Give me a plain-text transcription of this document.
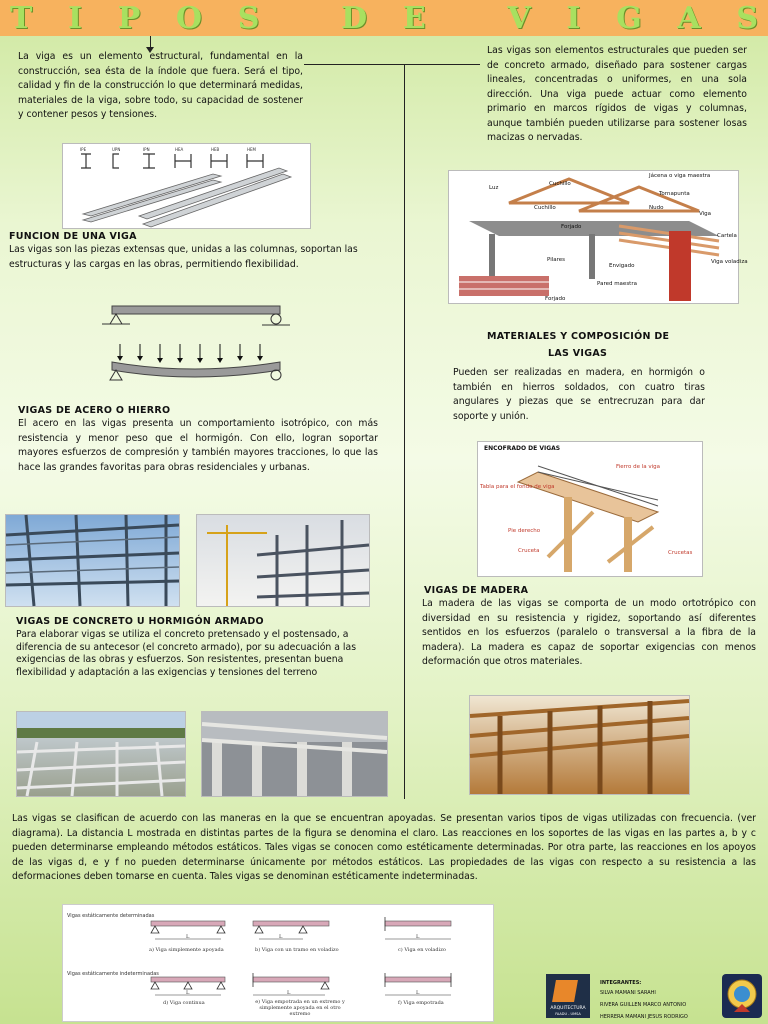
T I P O S
	D E
	V I G A S
La viga es un elemento estructural, fundamental en la construcción, sea ésta de la índole que fuera. Será el tipo, calidad y fin de la construcción lo que determinará medidas, materiales de la viga, sobre todo, su capacidad de sostener y contener pesos y tensiones.
Las vigas son elementos estructurales que pueden ser de concreto armado, diseñado para sostener cargas lineales, concentradas o uniformes, en una sola dirección. Una viga puede actuar como elemento primario en marcos rígidos de vigas y columnas, aunque también pueden utilizarse para sostener losas macizas o nervadas.
IPE	UPN	IPN	HEA	HEB	HEM
FUNCION DE UNA VIGA
Las vigas son las piezas extensas que, unidas a las columnas, soportan las estructuras y las cargas en las obras, permitiendo flexibilidad.
VIGAS DE ACERO O HIERRO
El acero en las vigas presenta un comportamiento isotrópico, con más resistencia y menor peso que el hormigón. Con ello, logran soportar mayores esfuerzos de compresión y también mayores tracciones, lo que las hace las grandes favoritas para obras residenciales y urbanas.
VIGAS DE CONCRETO U HORMIGÓN ARMADO
Para elaborar vigas se utiliza el concreto pretensado y el postensado, a diferencia de su antecesor (el concreto armado), por su adecuación a las exigencias de las obras y esfuerzos. Son resistentes, presentan buena flexibilidad y adaptación a las exigencias y tensiones del terreno
Cuchillo
Jácena o viga maestra
Tornapunta
Luz
Cuchillo	Nudo
Viga
Forjado
Cartela
Pilares
Envigado
Viga voladiza
Pared maestra
Forjado
MATERIALES Y COMPOSICIÓN DE
LAS VIGAS
Pueden ser realizadas en madera, en hormigón o también en hierros soldados, con cuatro tiras angulares y piezas que se entrecruzan para dar soporte y unión.
Fierro de la viga
Tabla para el fondo de viga
Pie derecho
Cruceta	Crucetas
ENCOFRADO DE VIGAS
VIGAS DE MADERA
La madera de las vigas se comporta de un modo ortotrópico con diversidad en su resistencia y rigidez, soportando así diferentes sentidos en los esfuerzos (paralelo o transversal a la fibra de la madera). La madera es capaz de soportar exigencias con menos deformación que otros materiales.
Las vigas se clasifican de acuerdo con las maneras en la que se encuentran apoyadas. Se presentan varios tipos de vigas utilizadas con frecuencia. (ver diagrama). La distancia L mostrada en distintas partes de la figura se denomina el claro. Las reacciones en los soportes de las vigas en las partes a, b y c pueden determinarse empleando métodos estáticos. Tales vigas se conocen como estéticamente determinadas. Por otra parte, las reacciones en los apoyos de las vigas d, e y f no pueden determinarse únicamente por métodos estáticos. Las propiedades de las vigas con respecto a su resistencia a las deformaciones deben tomarse en cuenta. Tales vigas se denominan estéticamente indeterminadas.
Vigas estáticamente determinadas
Vigas estáticamente indeterminadas
L	L	L
L	L	L
a) Viga simplemente apoyada	b) Viga con un tramo en voladizo	c) Viga en voladizo
d) Viga continua	f) Viga empotrada
e) Viga empotrada en un extremo y simplemente apoyada en el otro extremo
ARQUITECTURA
FAADU - UMSA
INTEGRANTES:
SILVA MAMANI SARAHI
RIVERA GUILLEN MARCO ANTONIO
HERRERA MAMANI JESUS RODRIGO
